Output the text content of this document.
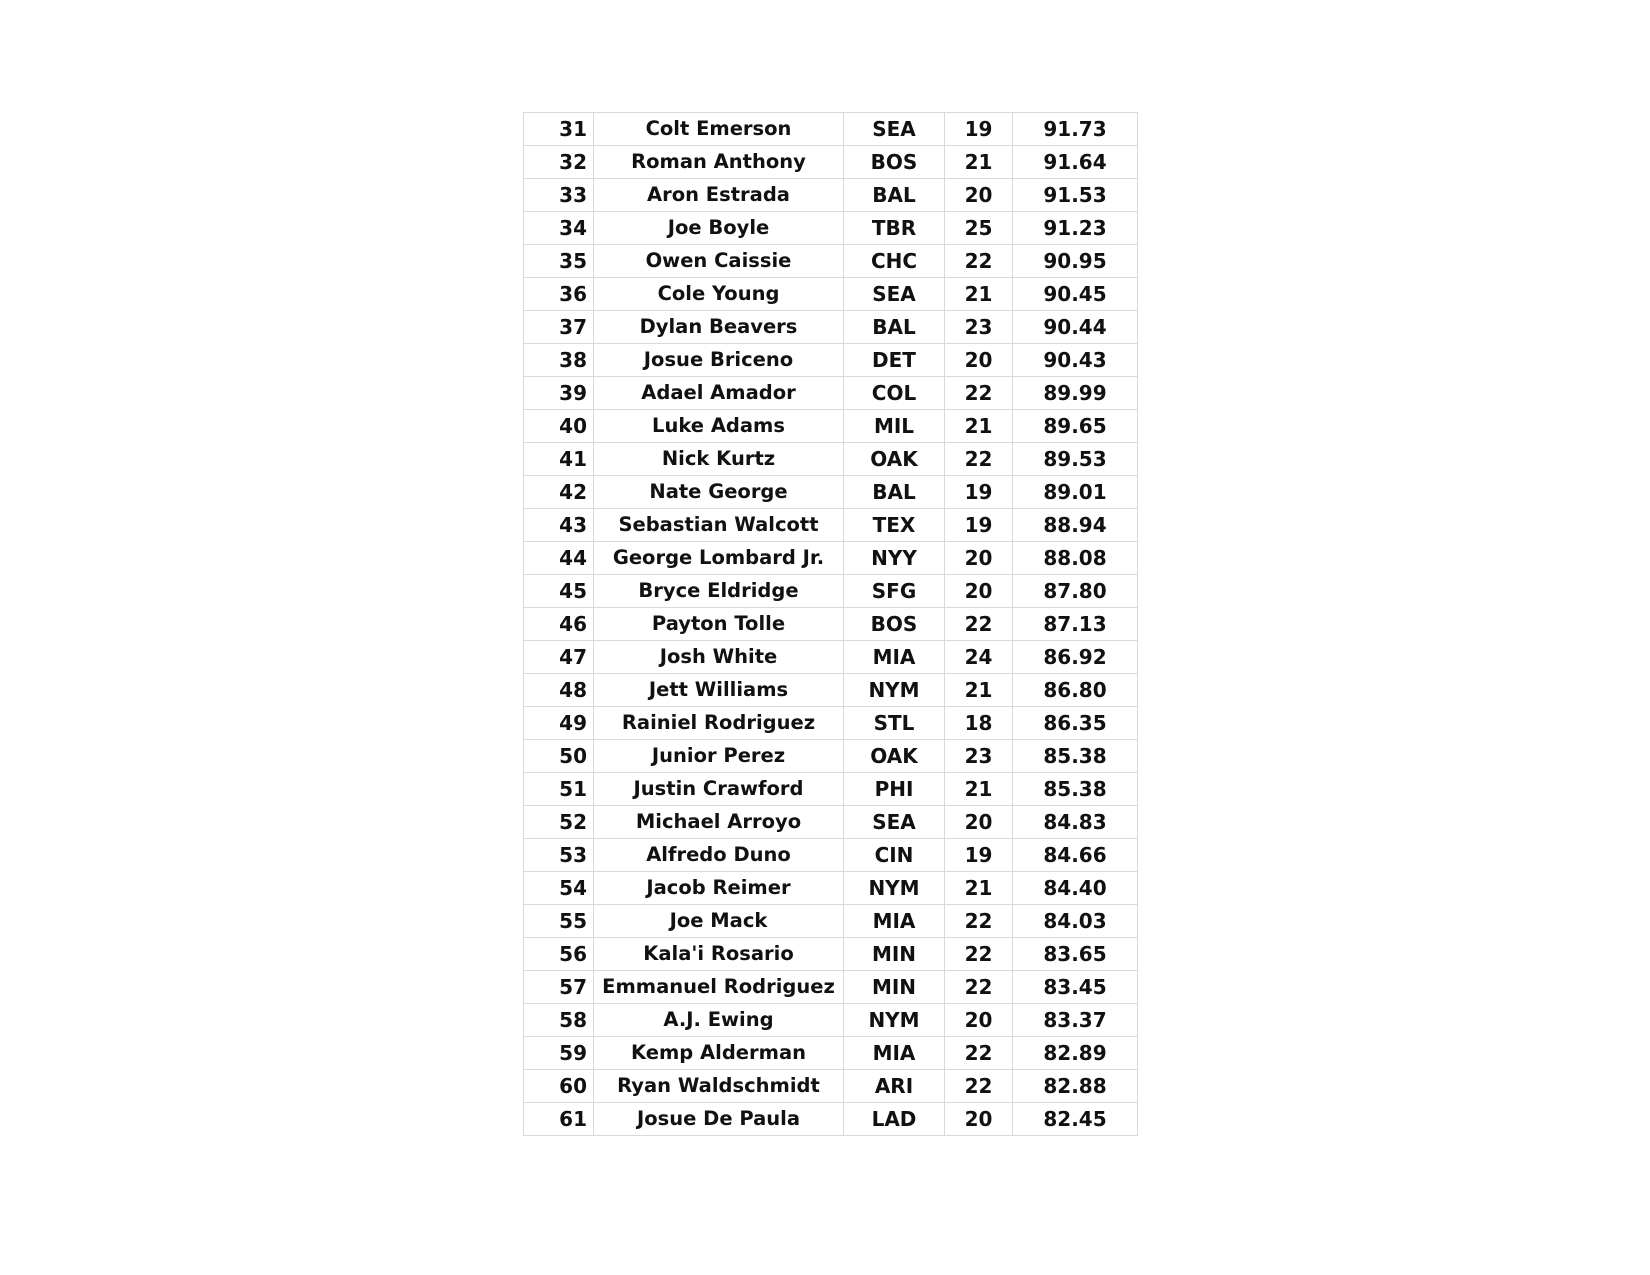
31	Colt Emerson	SEA	19	91.73
32	Roman Anthony	BOS	21	91.64
33	Aron Estrada	BAL	20	91.53
34	Joe Boyle	TBR	25	91.23
35	Owen Caissie	CHC	22	90.95
36	Cole Young	SEA	21	90.45
37	Dylan Beavers	BAL	23	90.44
38	Josue Briceno	DET	20	90.43
39	Adael Amador	COL	22	89.99
40	Luke Adams	MIL	21	89.65
41	Nick Kurtz	OAK	22	89.53
42	Nate George	BAL	19	89.01
43	Sebastian Walcott	TEX	19	88.94
44	George Lombard Jr.	NYY	20	88.08
45	Bryce Eldridge	SFG	20	87.80
46	Payton Tolle	BOS	22	87.13
47	Josh White	MIA	24	86.92
48	Jett Williams	NYM	21	86.80
49	Rainiel Rodriguez	STL	18	86.35
50	Junior Perez	OAK	23	85.38
51	Justin Crawford	PHI	21	85.38
52	Michael Arroyo	SEA	20	84.83
53	Alfredo Duno	CIN	19	84.66
54	Jacob Reimer	NYM	21	84.40
55	Joe Mack	MIA	22	84.03
56	Kala'i Rosario	MIN	22	83.65
57	Emmanuel Rodriguez	MIN	22	83.45
58	A.J. Ewing	NYM	20	83.37
59	Kemp Alderman	MIA	22	82.89
60	Ryan Waldschmidt	ARI	22	82.88
61	Josue De Paula	LAD	20	82.45
